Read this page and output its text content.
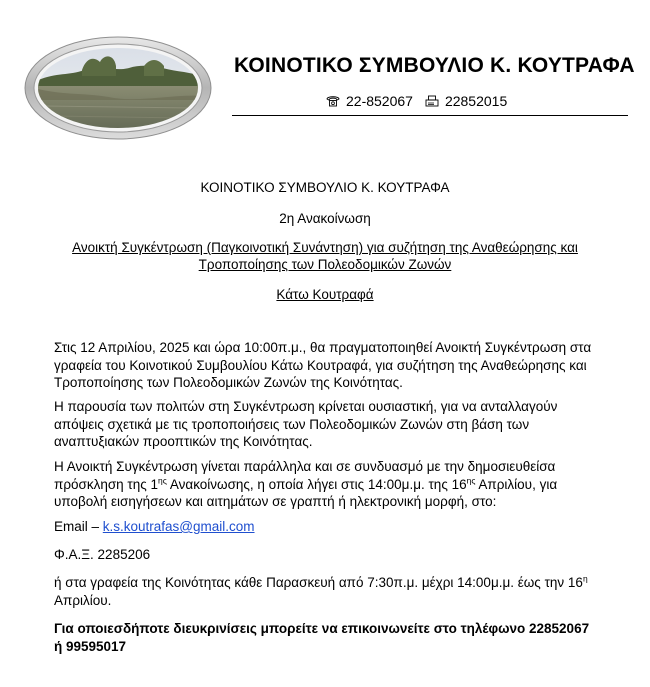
ΚΟΙΝΟΤΙΚΟ ΣΥΜΒΟΥΛΙΟ Κ. ΚΟΥΤΡΑΦΑ
22-852067 22852015
ΚΟΙΝΟΤΙΚΟ ΣΥΜΒΟΥΛΙΟ Κ. ΚΟΥΤΡΑΦΑ
2η Ανακοίνωση
Ανοικτή Συγκέντρωση (Παγκοινοτική Συνάντηση) για συζήτηση της Αναθεώρησης και
Τροποποίησης των Πολεοδομικών Ζωνών
Κάτω Κουτραφά

Στις 12 Απριλίου, 2025 και ώρα 10:00π.μ., θα πραγματοποιηθεί Ανοικτή Συγκέντρωση στα

γραφεία του Κοινοτικού Συμβουλίου Κάτω Κουτραφά, για συζήτηση της Αναθεώρησης και

Τροποποίησης των Πολεοδομικών Ζωνών της Κοινότητας.

Η παρουσία των πολιτών στη Συγκέντρωση κρίνεται ουσιαστική, για να ανταλλαγούν

απόψεις σχετικά με τις τροποποιήσεις των Πολεοδομικών Ζωνών στη βάση των

αναπτυξιακών προοπτικών της Κοινότητας.

Η Ανοικτή Συγκέντρωση γίνεται παράλληλα και σε συνδυασμό με την δημοσιευθείσα

πρόσκληση της $1^{\eta\varsigma}$ Ανακοίνωσης, η οποία λήγει στις 14:00μ.μ. της $16^{\eta\varsigma}$ Απριλίου, για

υποβολή εισηγήσεων και αιτημάτων σε γραπτή ή ηλεκτρονική μορφή, στο:

Email – k.s.koutrafas@gmail.com
Φ.Α.Ξ. 2285206

ή στα γραφεία της Κοινότητας κάθε Παρασκευή από 7:30π.μ. μέχρι 14:00μ.μ. έως την $16^\eta$

Απριλίου.

Για οποιεσδήποτε διευκρινίσεις μπορείτε να επικοινωνείτε στο τηλέφωνο 22852067

ή 99595017
